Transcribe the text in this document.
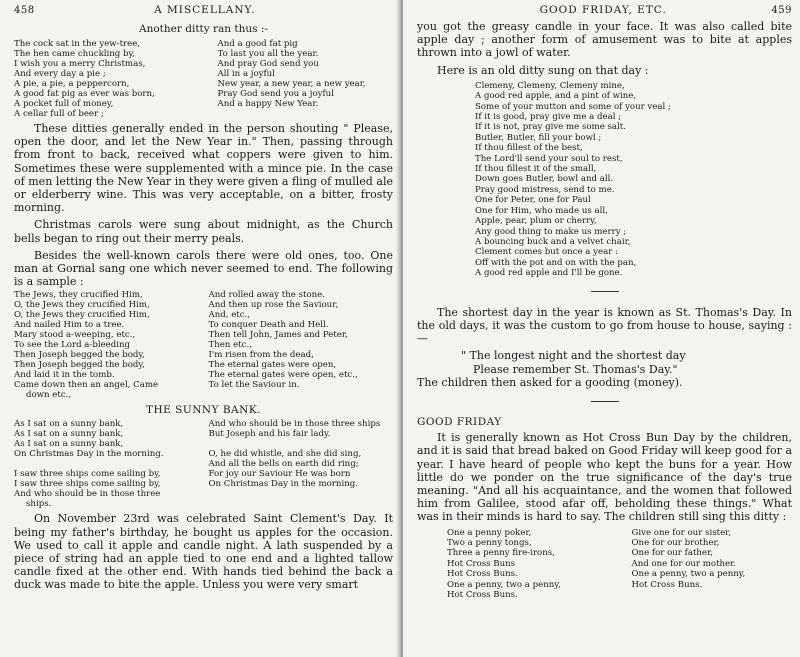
458	A MISCELLANY.
Another ditty ran thus :-
The cock sat in the yew-tree,
The hen came chuckling by,
I wish you a merry Christmas,
And every day a pie ;
A pie, a pie, a peppercorn,
A good fat pig as ever was born,
A pocket full of money,
A cellar full of beer ;
And a good fat pig
To last you all the year.
And pray God send you
All in a joyful
New year, a new year, a new year,
Pray God send you a joyful
And a happy New Year.

These ditties generally ended in the person shouting " Please, open the door, and let the New Year in." Then, passing through from front to back, received what coppers were given to him. Sometimes these were supplemented with a mince pie. In the case of men letting the New Year in they were given a fling of mulled ale or elderberry wine. This was very acceptable, on a bitter, frosty morning.

Christmas carols were sung about midnight, as the Church bells began to ring out their merry peals.

Besides the well-known carols there were old ones, too. One man at Gornal sang one which never seemed to end. The following is a sample :

The Jews, they crucified Him,
O, the Jews they crucified Him,
O, the Jews they crucified Him,
And nailed Him to a tree.
Mary stood a-weeping, etc.,
To see the Lord a-bleeding
Then Joseph begged the body,
Then Joseph begged the body,
And laid it in the tomb.
Came down then an angel, Came
down etc.,
And rolled away the stone.
And then up rose the Saviour,
And, etc.,
To conquer Death and Hell.
Then tell John, James and Peter,
Then etc.,
I'm risen from the dead,
The eternal gates were open,
The eternal gates were open, etc.,
To let the Saviour in.
THE SUNNY BANK.
As I sat on a sunny bank,
As I sat on a sunny bank,
As I sat on a sunny bank,
On Christmas Day in the morning.

I saw three ships come sailing by,
I saw three ships come sailing by,
And who should be in those three
ships.
And who should be in those three ships
But Joseph and his fair lady.

O, he did whistle, and she did sing,
And all the bells on earth did ring;
For joy our Saviour He was born
On Christmas Day in the morning.

On November 23rd was celebrated Saint Clement's Day. It being my father's birthday, he bought us apples for the occasion. We used to call it apple and candle night. A lath suspended by a piece of string had an apple tied to one end and a lighted tallow candle fixed at the other end. With hands tied behind the back a duck was made to bite the apple. Unless you were very smart

GOOD FRIDAY, ETC.	459

you got the greasy candle in your face. It was also called bite apple day ; another form of amusement was to bite at apples thrown into a jowl of water.

Here is an old ditty sung on that day :

Clemeny, Clemeny, Clemeny mine,
A good red apple, and a pint of wine,
Some of your mutton and some of your veal ;
If it is good, pray give me a deal ;
If it is not, pray give me some salt.
Butler, Butler, fill your bowl ;
If thou fillest of the best,
The Lord'll send your soul to rest,
If thou fillest it of the small,
Down goes Butler, bowl and all.
Pray good mistress, send to me.
One for Peter, one for Paul
One for Him, who made us all,
Apple, pear, plum or cherry,
Any good thing to make us merry ;
A bouncing buck and a velvet chair,
Clement comes but once a year :
Off with the pot and on with the pan,
A good red apple and I'll be gone.

The shortest day in the year is known as St. Thomas's Day. In the old days, it was the custom to go from house to house, saying :—

" The longest night and the shortest day
Please remember St. Thomas's Day."

The children then asked for a gooding (money).

GOOD FRIDAY

It is generally known as Hot Cross Bun Day by the children, and it is said that bread baked on Good Friday will keep good for a year. I have heard of people who kept the buns for a year. How little do we ponder on the true significance of the day's true meaning. "And all his acquaintance, and the women that followed him from Galilee, stood afar off, beholding these things." What was in their minds is hard to say. The children still sing this ditty :

One a penny poker,
Two a penny tongs,
Three a penny fire-irons,
Hot Cross Buns
Hot Cross Buns.
One a penny, two a penny,
Hot Cross Buns.
Give one for our sister,
One for our brother,
One for our father,
And one for our mother.
One a penny, two a penny,
Hot Cross Buns.
